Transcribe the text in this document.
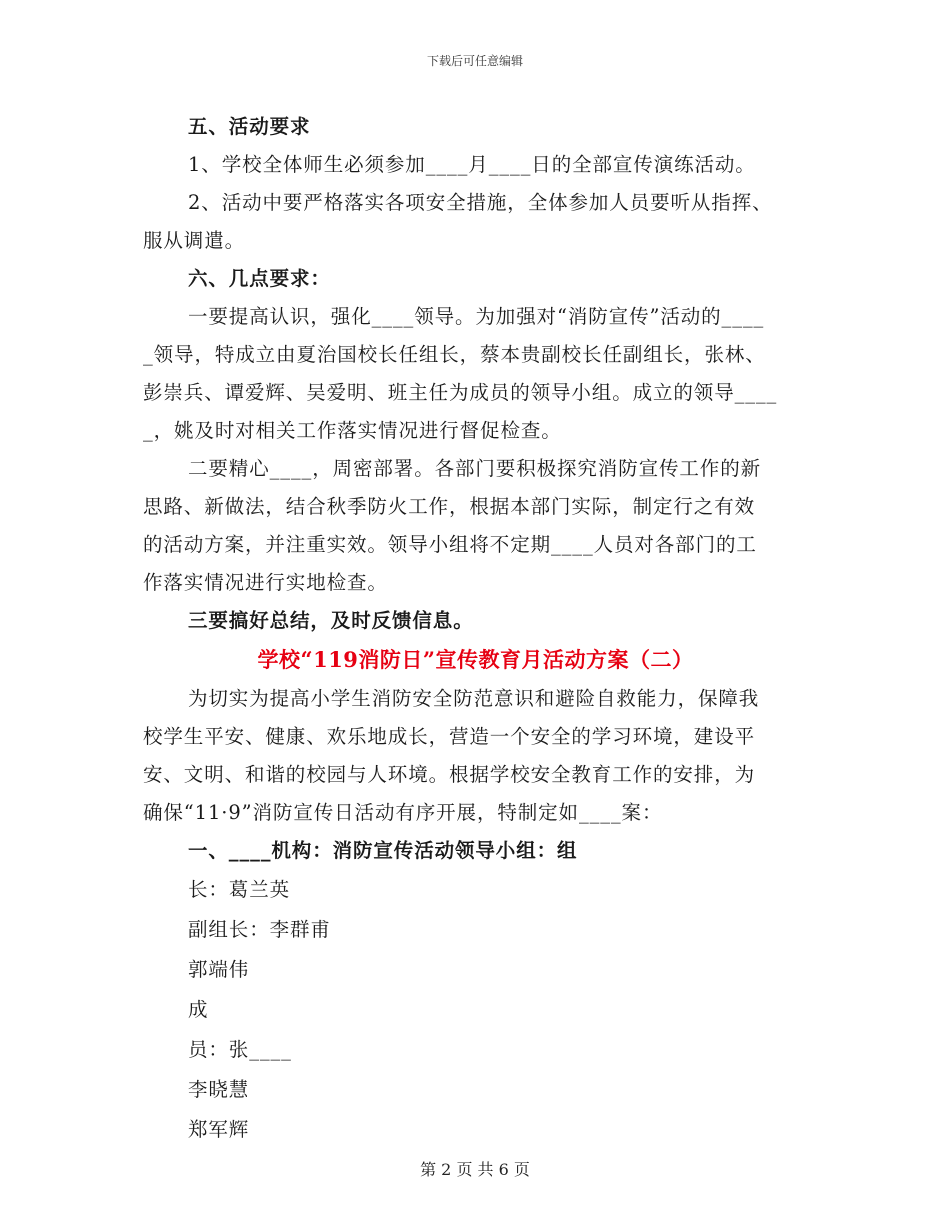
下载后可任意编辑
五、活动要求
1、学校全体师生必须参加____月____日的全部宣传演练活动。
2、活动中要严格落实各项安全措施，全体参加人员要听从指挥、
服从调遣。
六、几点要求：
一要提高认识，强化____领导。为加强对“消防宣传”活动的____
_领导，特成立由夏治国校长任组长，蔡本贵副校长任副组长，张林、
彭崇兵、谭爱辉、吴爱明、班主任为成员的领导小组。成立的领导____
_，姚及时对相关工作落实情况进行督促检查。
二要精心____，周密部署。各部门要积极探究消防宣传工作的新
思路、新做法，结合秋季防火工作，根据本部门实际，制定行之有效
的活动方案，并注重实效。领导小组将不定期____人员对各部门的工
作落实情况进行实地检查。
三要搞好总结，及时反馈信息。
学校“119消防日”宣传教育月活动方案（二）
为切实为提高小学生消防安全防范意识和避险自救能力，保障我
校学生平安、健康、欢乐地成长，营造一个安全的学习环境，建设平
安、文明、和谐的校园与人环境。根据学校安全教育工作的安排，为
确保“11·9”消防宣传日活动有序开展，特制定如____案：
一、____机构：消防宣传活动领导小组：组
长：葛兰英
副组长：李群甫
郭端伟
成
员：张____
李晓慧
郑军辉
第 2 页 共 6 页
